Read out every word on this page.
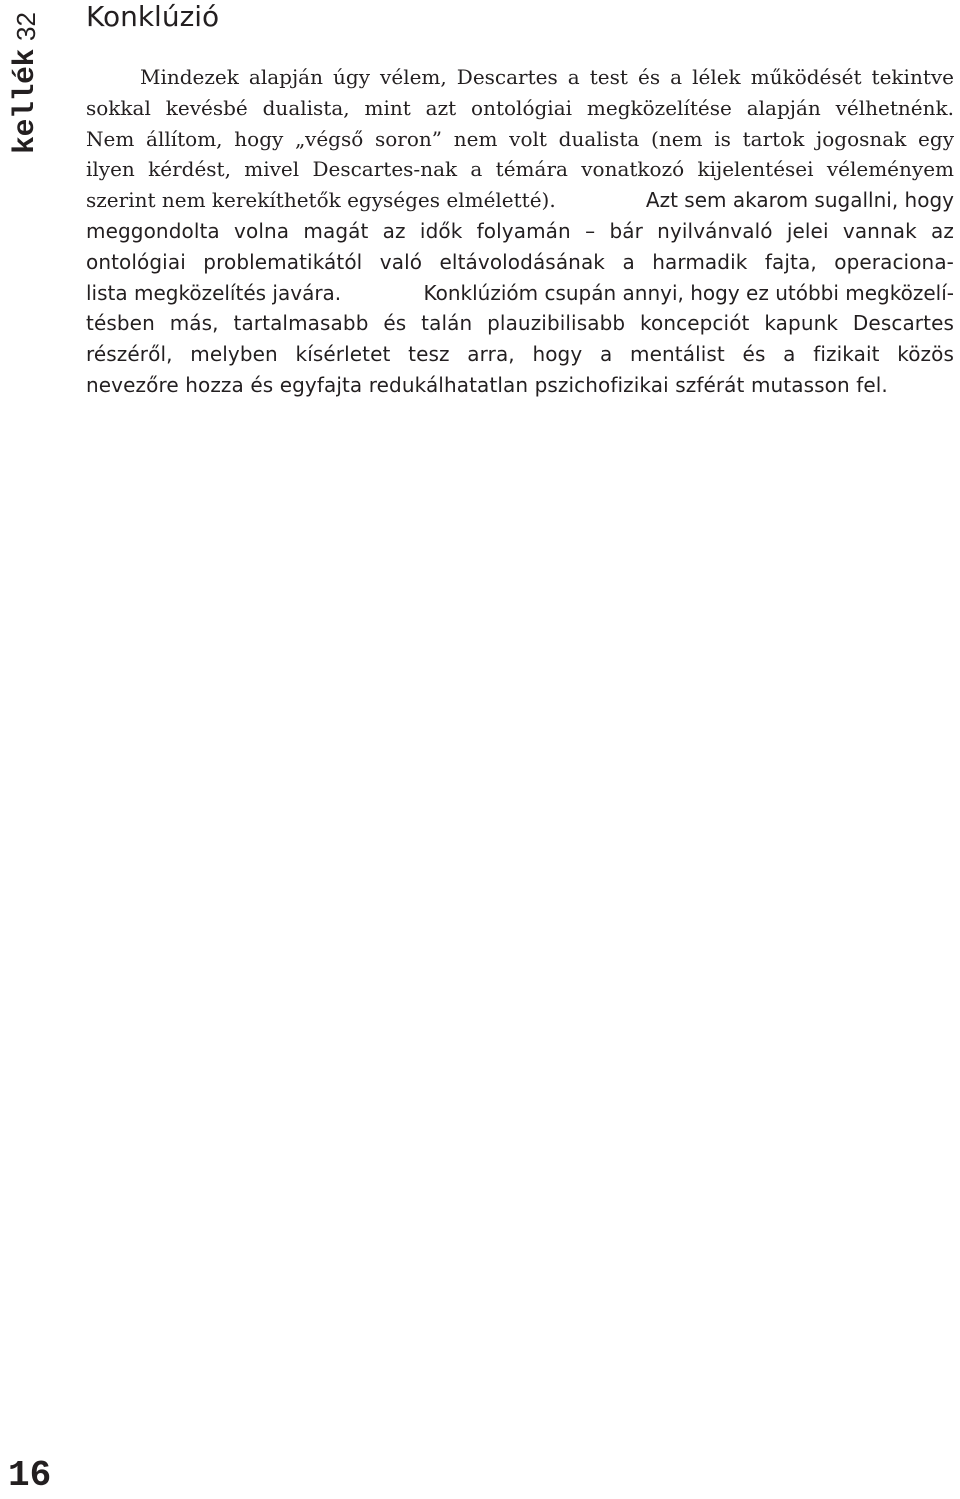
kellék
32 Konklúzió
Mindezek alapján úgy vélem, Descartes a test és a lélek működését tekintve
sokkal kevésbé dualista, mint azt ontológiai megközelítése alapján vélhetnénk.
Nem állítom, hogy „végső soron” nem volt dualista (nem is tartok jogosnak egy
ilyen kérdést, mivel Descartes-nak a témára vonatkozó kijelentései véleményem
szerint nem kerekíthetők egységes elméletté).	Azt sem akarom sugallni, hogy
meggondolta volna magát az idők folyamán – bár nyilvánvaló jelei vannak az
ontológiai problematikától való eltávolodásának a harmadik fajta, operaciona-
lista megközelítés javára.	Konklúzióm csupán annyi, hogy ez utóbbi megközelí-
tésben más, tartalmasabb és talán plauzibilisabb koncepciót kapunk Descartes
részéről, melyben kísérletet tesz arra, hogy a mentálist és a fizikait közös
nevezőre hozza és egyfajta redukálhatatlan pszichofizikai szférát mutasson fel.
16
